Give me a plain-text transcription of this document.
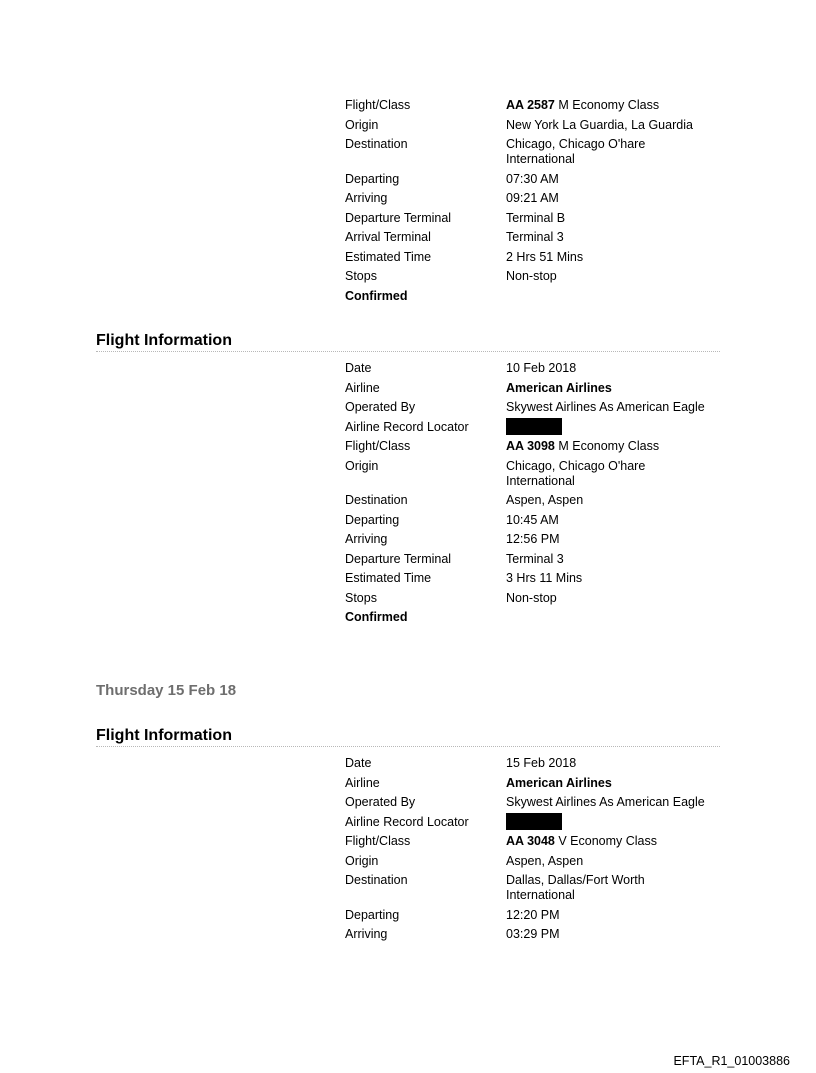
Flight/Class	AA 2587 M Economy Class
Origin	New York La Guardia, La Guardia
Destination	Chicago, Chicago O'hare International
Departing	07:30 AM
Arriving	09:21 AM
Departure Terminal	Terminal B
Arrival Terminal	Terminal 3
Estimated Time	2 Hrs 51 Mins
Stops	Non-stop
Confirmed
Flight Information
Date	10 Feb 2018
Airline	American Airlines
Operated By	Skywest Airlines As American Eagle
Airline Record Locator
Flight/Class	AA 3098 M Economy Class
Origin	Chicago, Chicago O'hare International
Destination	Aspen, Aspen
Departing	10:45 AM
Arriving	12:56 PM
Departure Terminal	Terminal 3
Estimated Time	3 Hrs 11 Mins
Stops	Non-stop
Confirmed
Thursday 15 Feb 18
Flight Information
Date	15 Feb 2018
Airline	American Airlines
Operated By	Skywest Airlines As American Eagle
Airline Record Locator
Flight/Class	AA 3048 V Economy Class
Origin	Aspen, Aspen
Destination	Dallas, Dallas/Fort Worth International
Departing	12:20 PM
Arriving	03:29 PM
EFTA_R1_01003886
